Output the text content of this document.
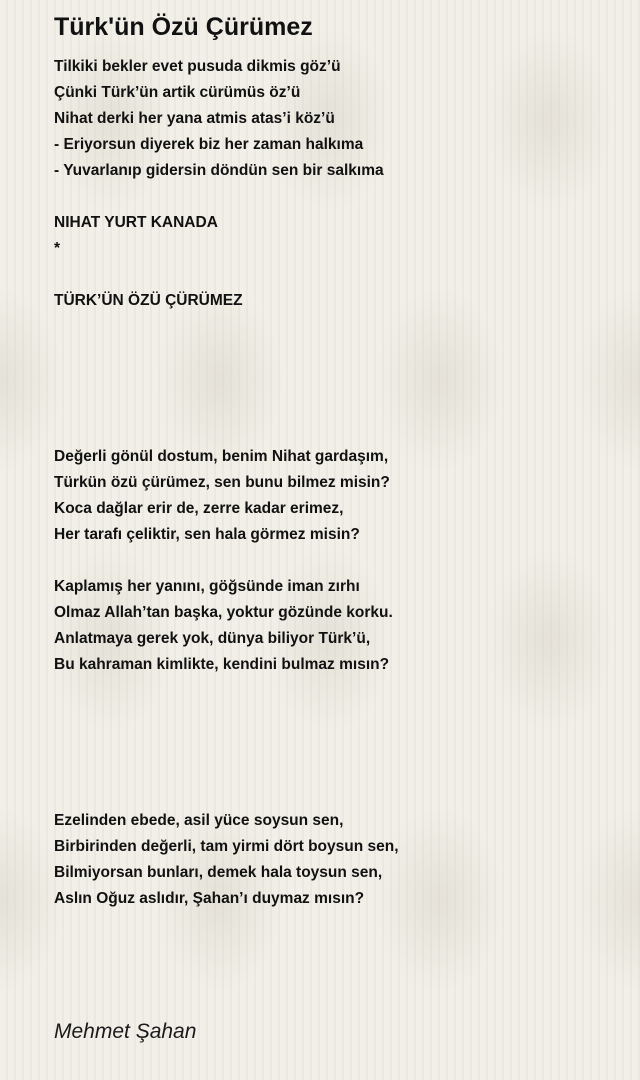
Türk'ün Özü Çürümez
Tilkiki bekler evet pusuda dikmis göz’ü
Çünki Türk’ün artik cürümüs öz’ü
Nihat derki her yana atmis atas’i köz’ü
- Eriyorsun diyerek biz her zaman halkıma
- Yuvarlanıp gidersin döndün sen bir salkıma
NIHAT YURT KANADA
*
TÜRK’ÜN ÖZÜ ÇÜRÜMEZ
Değerli gönül dostum, benim Nihat gardaşım,
Türkün özü çürümez, sen bunu bilmez misin?
Koca dağlar erir de, zerre kadar erimez,
Her tarafı çeliktir, sen hala görmez misin?
Kaplamış her yanını, göğsünde iman zırhı
Olmaz Allah’tan başka, yoktur gözünde korku.
Anlatmaya gerek yok, dünya biliyor Türk’ü,
Bu kahraman kimlikte, kendini bulmaz mısın?
Ezelinden ebede, asil yüce soysun sen,
Birbirinden değerli, tam yirmi dört boysun sen,
Bilmiyorsan bunları, demek hala toysun sen,
Aslın Oğuz aslıdır, Şahan’ı duymaz mısın?
Mehmet Şahan
